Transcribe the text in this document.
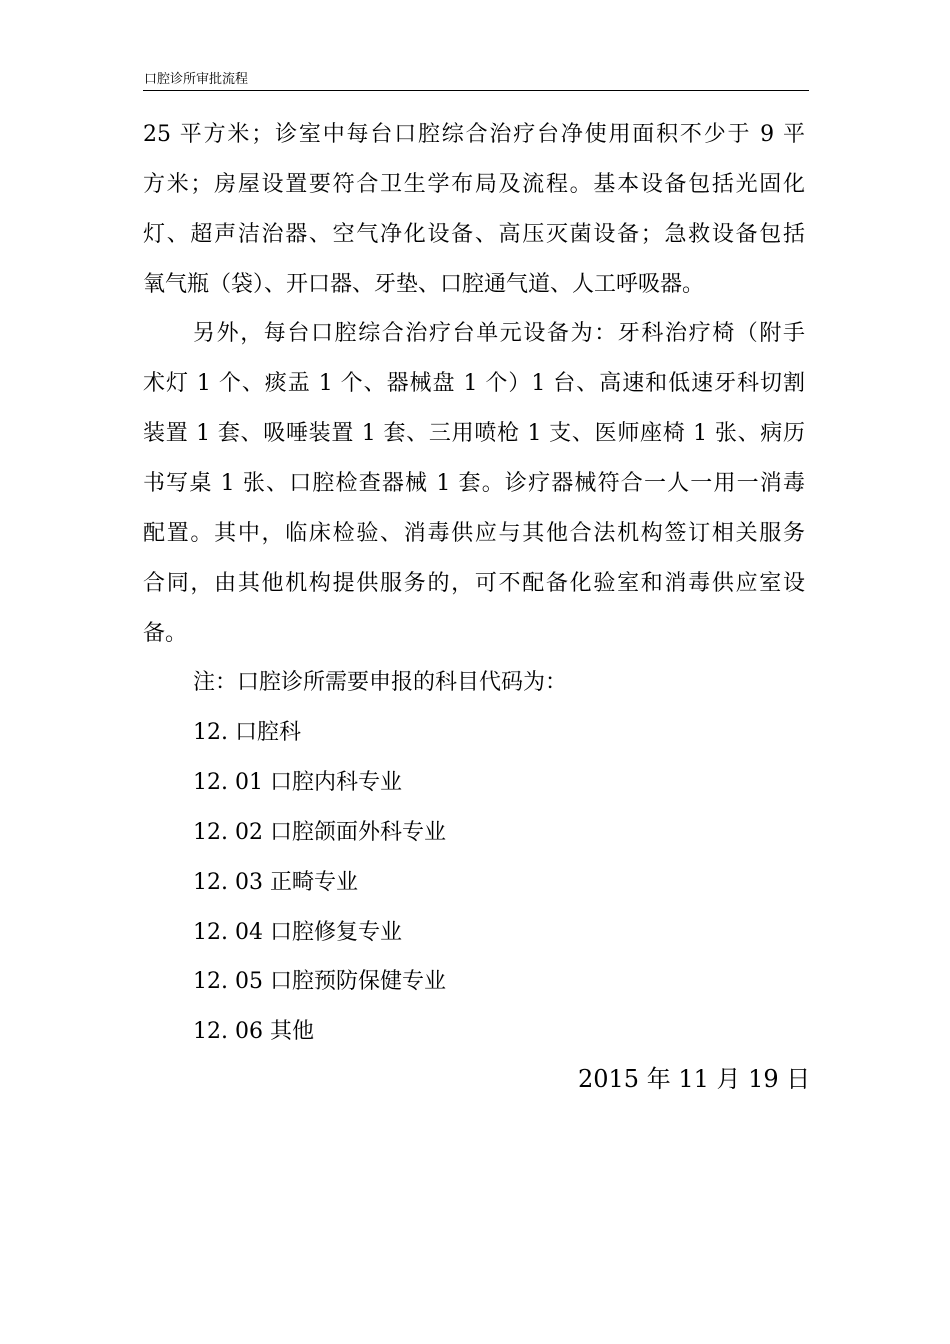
口腔诊所审批流程
25 平方米；诊室中每台口腔综合治疗台净使用面积不少于 9 平
方米；房屋设置要符合卫生学布局及流程。基本设备包括光固化
灯、超声洁治器、空气净化设备、高压灭菌设备；急救设备包括
氧气瓶（袋）、开口器、牙垫、口腔通气道、人工呼吸器。
另外，每台口腔综合治疗台单元设备为：牙科治疗椅（附手
术灯 1 个、痰盂 1 个、器械盘 1 个）1 台、高速和低速牙科切割
装置 1 套、吸唾装置 1 套、三用喷枪 1 支、医师座椅 1 张、病历
书写桌 1 张、口腔检查器械 1 套。诊疗器械符合一人一用一消毒
配置。其中，临床检验、消毒供应与其他合法机构签订相关服务
合同，由其他机构提供服务的，可不配备化验室和消毒供应室设
备。
注：口腔诊所需要申报的科目代码为：
12. 口腔科
12. 01 口腔内科专业
12. 02 口腔颌面外科专业
12. 03 正畸专业
12. 04 口腔修复专业
12. 05 口腔预防保健专业
12. 06 其他
2015 年 11 月 19 日
